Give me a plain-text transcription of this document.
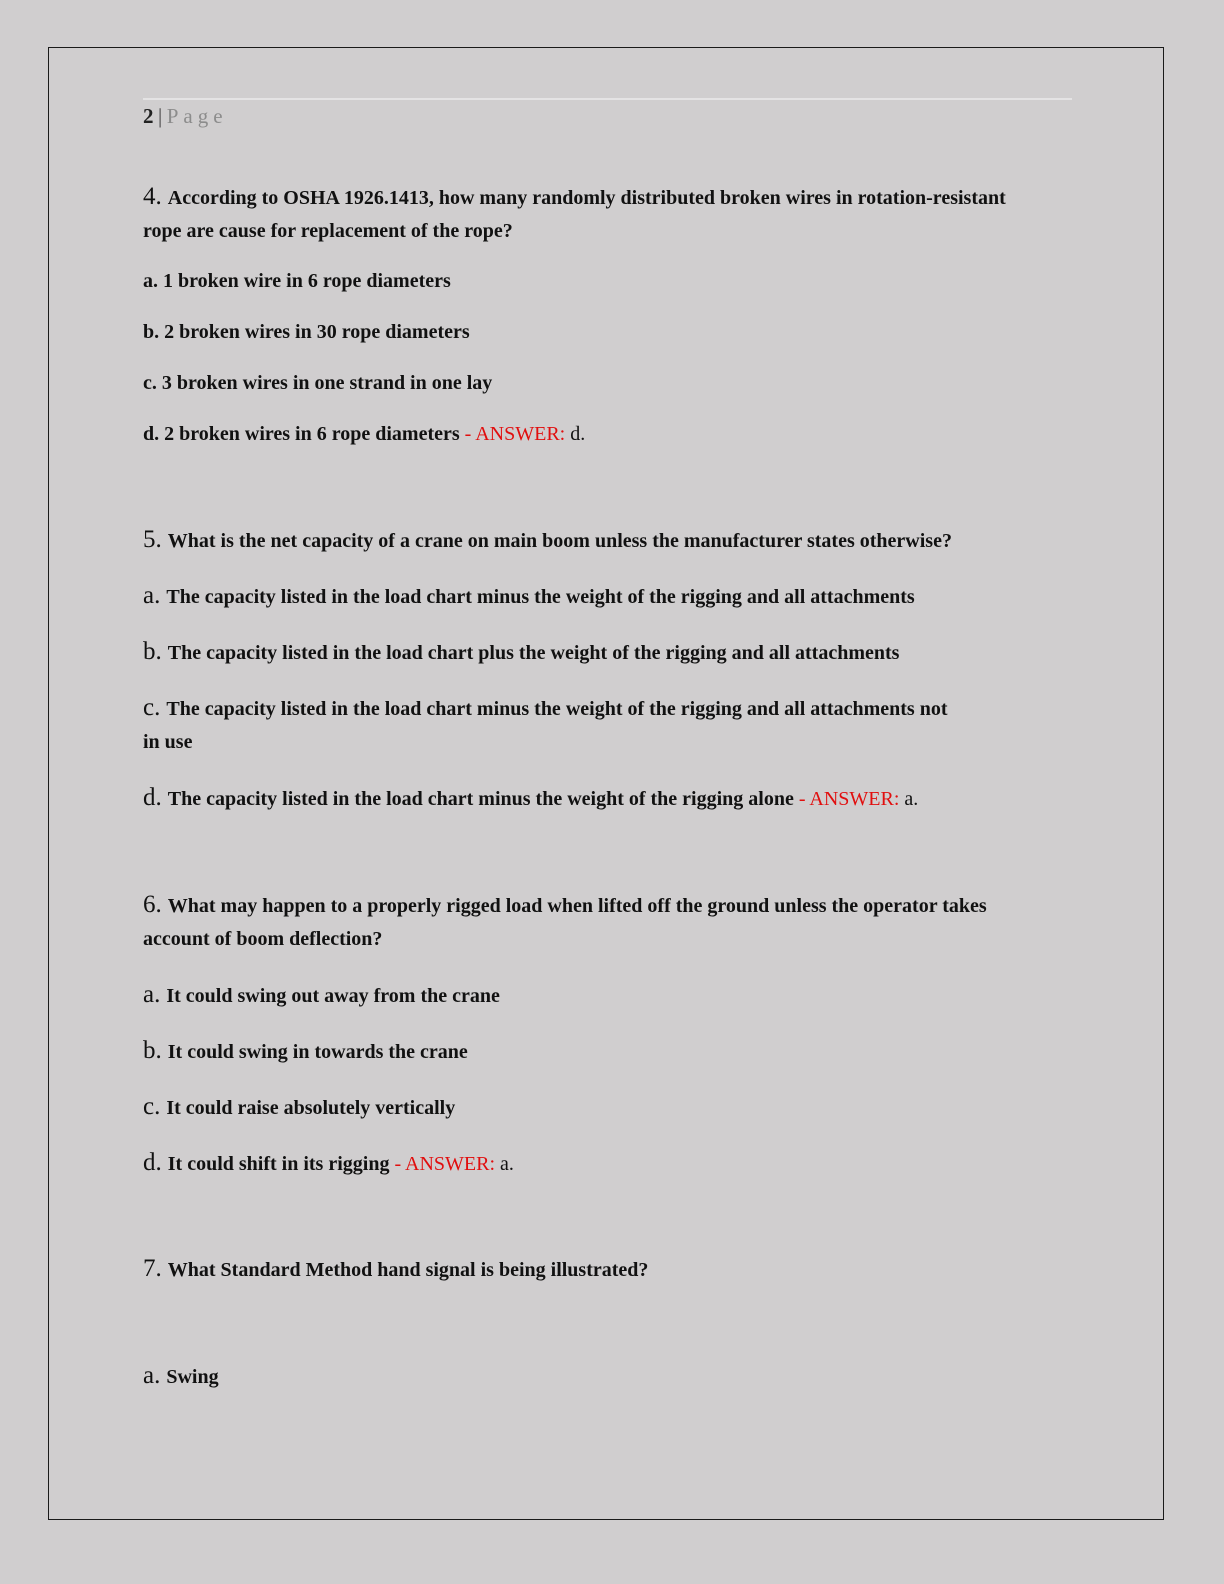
2 | Page
4. According to OSHA 1926.1413, how many randomly distributed broken wires in rotation-resistant
rope are cause for replacement of the rope?
a. 1 broken wire in 6 rope diameters
b. 2 broken wires in 30 rope diameters
c. 3 broken wires in one strand in one lay
d. 2 broken wires in 6 rope diameters - ANSWER: d.
5. What is the net capacity of a crane on main boom unless the manufacturer states otherwise?
a. The capacity listed in the load chart minus the weight of the rigging and all attachments
b. The capacity listed in the load chart plus the weight of the rigging and all attachments
c. The capacity listed in the load chart minus the weight of the rigging and all attachments not
in use
d. The capacity listed in the load chart minus the weight of the rigging alone - ANSWER: a.
6. What may happen to a properly rigged load when lifted off the ground unless the operator takes
account of boom deflection?
a. It could swing out away from the crane
b. It could swing in towards the crane
c. It could raise absolutely vertically
d. It could shift in its rigging - ANSWER: a.
7. What Standard Method hand signal is being illustrated?
a. Swing
